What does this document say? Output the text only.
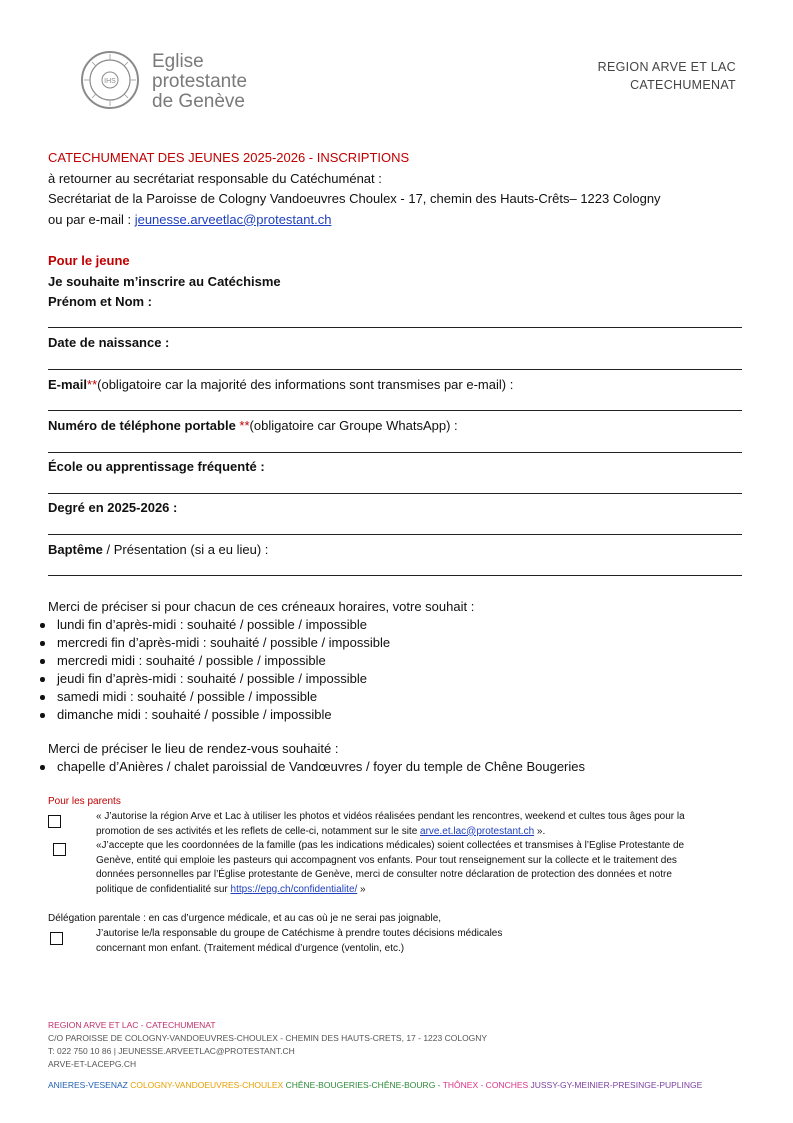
IHS
Eglise
protestante
de Genève
REGION ARVE ET LAC
CATECHUMENAT
CATECHUMENAT DES JEUNES 2025-2026 - INSCRIPTIONS
à retourner au secrétariat responsable du Catéchuménat :
Secrétariat de la Paroisse de Cologny Vandoeuvres Choulex - 17, chemin des Hauts-Crêts– 1223 Cologny
ou par e-mail : jeunesse.arveetlac@protestant.ch
Pour le jeune
Je souhaite m’inscrire au Catéchisme
Prénom et Nom :
Date de naissance :
E-mail**(obligatoire car la majorité des informations sont transmises par e-mail) :
Numéro de téléphone portable **(obligatoire car Groupe WhatsApp) :
École ou apprentissage fréquenté :
Degré en 2025-2026 :
Baptême / Présentation (si a eu lieu) :
Merci de préciser si pour chacun de ces créneaux horaires, votre souhait :
lundi fin d’après-midi : souhaité / possible / impossible
mercredi fin d’après-midi : souhaité / possible / impossible
mercredi midi : souhaité / possible / impossible
jeudi fin d’après-midi : souhaité / possible / impossible
samedi midi : souhaité / possible / impossible
dimanche midi : souhaité / possible / impossible
Merci de préciser le lieu de rendez-vous souhaité :
chapelle d’Anières / chalet paroissial de Vandœuvres / foyer du temple de Chêne Bougeries
Pour les parents
« J’autorise la région Arve et Lac à utiliser les photos et vidéos réalisées pendant les rencontres, weekend et cultes tous âges pour la
promotion de ses activités et les reflets de celle-ci, notamment sur le site arve.et.lac@protestant.ch ».
«J’accepte que les coordonnées de la famille (pas les indications médicales) soient collectées et transmises à l’Eglise Protestante de
Genève, entité qui emploie les pasteurs qui accompagnent vos enfants. Pour tout renseignement sur la collecte et le traitement des
données personnelles par l’Église protestante de Genève, merci de consulter notre déclaration de protection des données et notre
politique de confidentialité sur https://epg.ch/confidentialite/ »
Délégation parentale : en cas d’urgence médicale, et au cas où je ne serai pas joignable,
J’autorise le/la responsable du groupe de Catéchisme à prendre toutes décisions médicales
concernant mon enfant. (Traitement médical d’urgence (ventolin, etc.)
REGION ARVE ET LAC - CATECHUMENAT
C/O PAROISSE DE COLOGNY-VANDOEUVRES-CHOULEX - CHEMIN DES HAUTS-CRETS, 17 - 1223 COLOGNY
T: 022 750 10 86 | JEUNESSE.ARVEETLAC@PROTESTANT.CH
ARVE-ET-LACEPG.CH
ANIERES-VESENAZ COLOGNY-VANDOEUVRES-CHOULEX CHÊNE-BOUGERIES-CHÊNE-BOURG - THÔNEX - CONCHES JUSSY-GY-MEINIER-PRESINGE-PUPLINGE
